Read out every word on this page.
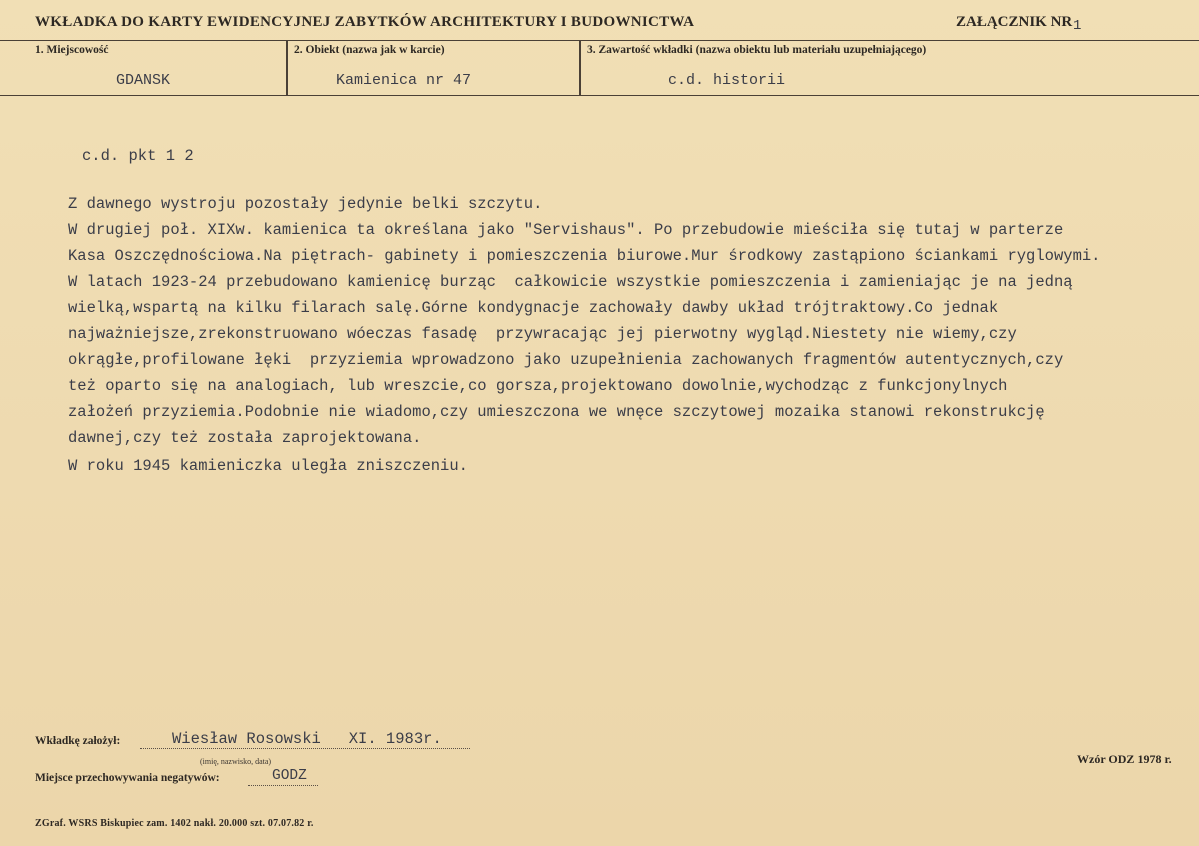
WKŁADKA DO KARTY EWIDENCYJNEJ ZABYTKÓW ARCHITEKTURY I BUDOWNICTWA	ZAŁĄCZNIK NR 1
1. Miejscowość
GDANSK
2. Obiekt (nazwa jak w karcie)
Kamienica nr 47
3. Zawartość wkładki (nazwa obiektu lub materiału uzupełniającego)
c.d. historii
c.d. pkt 1 2
Z dawnego wystroju pozostały jedynie belki szczytu.
W drugiej poł. XIXw. kamienica ta określana jako "Servishaus". Po przebudowie mieściła się tutaj w parterze
Kasa Oszczędnościowa.Na piętrach- gabinety i pomieszczenia biurowe.Mur środkowy zastąpiono ściankami ryglowymi.
W latach 1923-24 przebudowano kamienicę burząc  całkowicie wszystkie pomieszczenia i zamieniając je na jedną
wielką,wspartą na kilku filarach salę.Górne kondygnacje zachowały dawby układ trójtraktowy.Co jednak
najważniejsze,zrekonstruowano wóeczas fasadę  przywracając jej pierwotny wygląd.Niestety nie wiemy,czy
okrągłe,profilowane łęki  przyziemia wprowadzono jako uzupełnienia zachowanych fragmentów autentycznych,czy
też oparto się na analogiach, lub wreszcie,co gorsza,projektowano dowolnie,wychodząc z funkcjonylnych
założeń przyziemia.Podobnie nie wiadomo,czy umieszczona we wnęce szczytowej mozaika stanowi rekonstrukcję
dawnej,czy też została zaprojektowana.
W roku 1945 kamieniczka uległa zniszczeniu.
Wkładkę założył:	Wiesław Rosowski   XI. 1983r.
(imię, nazwisko, data)	Wzór ODZ 1978 r.
Miejsce przechowywania negatywów:	GODZ
ZGraf. WSRS Biskupiec zam. 1402 nakł. 20.000 szt. 07.07.82 r.
